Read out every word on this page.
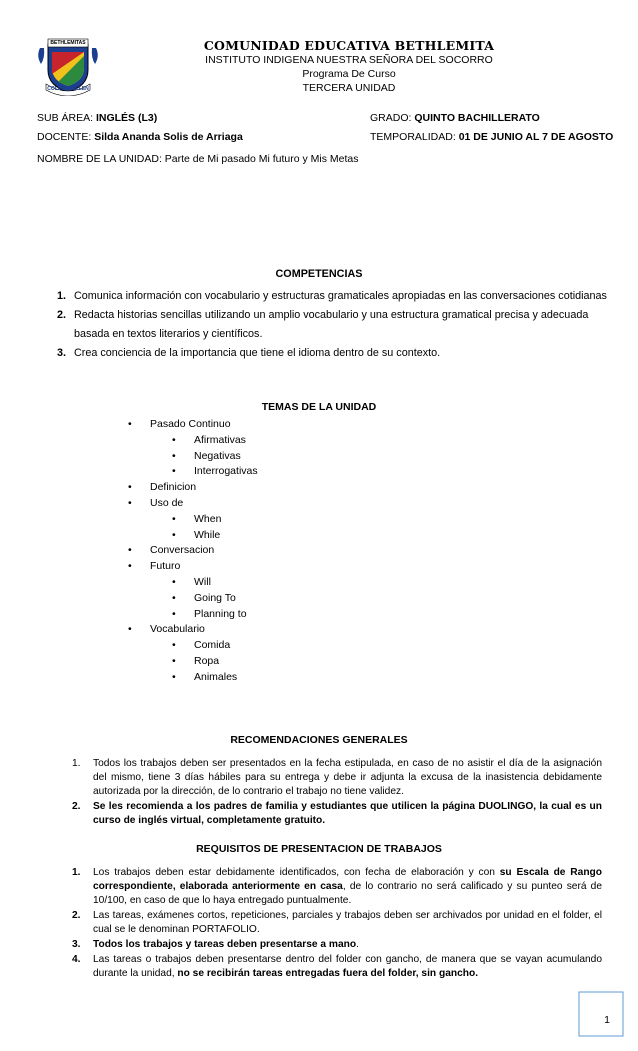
BETHLEMITAS
COLEGIO BELEN
COMUNIDAD EDUCATIVA BETHLEMITA
INSTITUTO INDIGENA NUESTRA SEÑORA DEL SOCORRO
Programa De Curso
TERCERA UNIDAD
SUB ÁREA: INGLÉS (L3)	GRADO: QUINTO BACHILLERATO
DOCENTE: Silda Ananda Solis de Arriaga	TEMPORALIDAD: 01 DE JUNIO AL 7 DE AGOSTO
NOMBRE DE LA UNIDAD: Parte de Mi pasado Mi futuro y Mis Metas
COMPETENCIAS
1. Comunica información con vocabulario y estructuras gramaticales apropiadas en las conversaciones cotidianas
2. Redacta historias sencillas utilizando un amplio vocabulario y una estructura gramatical precisa y adecuada basada en textos literarios y científicos.
3. Crea conciencia de la importancia que tiene el idioma dentro de su contexto.
TEMAS DE LA UNIDAD
• Pasado Continuo
• Afirmativas
• Negativas
• Interrogativas
• Definicion
• Uso de
• When
• While
• Conversacion
• Futuro
• Will
• Going To
• Planning to
• Vocabulario
• Comida
• Ropa
• Animales
RECOMENDACIONES GENERALES
1. Todos los trabajos deben ser presentados en la fecha estipulada, en caso de no asistir el día de la asignación del mismo, tiene 3 días hábiles para su entrega y debe ir adjunta la excusa de la inasistencia debidamente autorizada por la dirección, de lo contrario el trabajo no tiene validez.
2. Se les recomienda a los padres de familia y estudiantes que utilicen la página DUOLINGO, la cual es un curso de inglés virtual, completamente gratuito.
REQUISITOS DE PRESENTACION DE TRABAJOS
1. Los trabajos deben estar debidamente identificados, con fecha de elaboración y con su Escala de Rango correspondiente, elaborada anteriormente en casa, de lo contrario no será calificado y su punteo será de 10/100, en caso de que lo haya entregado puntualmente.
2. Las tareas, exámenes cortos, repeticiones, parciales y trabajos deben ser archivados por unidad en el folder, el cual se le denominan PORTAFOLIO.
3. Todos los trabajos y tareas deben presentarse a mano.
4. Las tareas o trabajos deben presentarse dentro del folder con gancho, de manera que se vayan acumulando durante la unidad, no se recibirán tareas entregadas fuera del folder, sin gancho.
1
